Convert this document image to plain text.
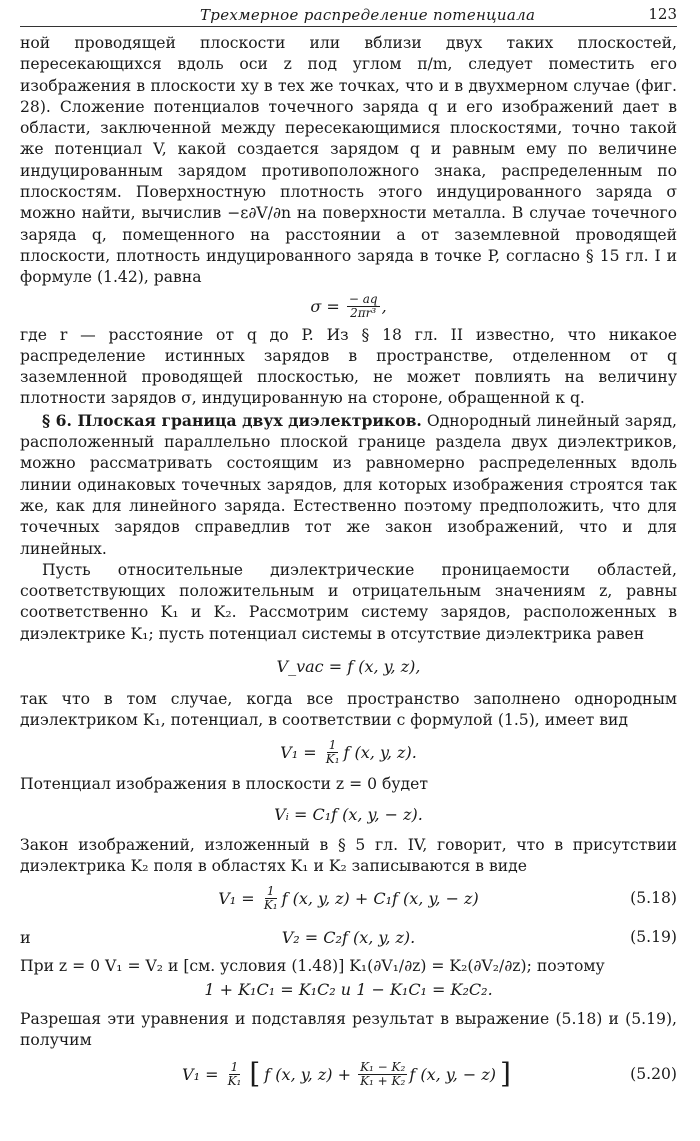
Трехмерное распределение потенциала	123

ной проводящей плоскости или вблизи двух таких плоскостей, пересекающихся вдоль оси z под углом π/m, следует поместить его изображения в плоскости xy в тех же точках, что и в двухмерном случае (фиг. 28). Сложение потенциалов точечного заряда q и его изображений дает в области, заключенной между пересекающимися плоскостями, точно такой же потенциал V, какой создается зарядом q и равным ему по величине индуцированным зарядом противоположного знака, распределенным по плоскостям. Поверхностную плотность этого индуцированного заряда σ можно найти, вычислив −ε∂V/∂n на поверхности металла. В случае точечного заряда q, помещенного на расстоянии a от заземлевной проводящей плоскости, плотность индуцированного заряда в точке P, согласно § 15 гл. I и формуле (1.42), равна

σ =
$\frac{- aq}{\text{2πr³}}$ ,

где r — расстояние от q до P. Из § 18 гл. II известно, что никакое распределение истинных зарядов в пространстве, отделенном от q заземленной проводящей плоскостью, не может повлиять на величину плотности зарядов σ, индуцированную на стороне, обращенной к q.

§ 6. Плоская граница двух диэлектриков. Однородный линейный заряд, расположенный параллельно плоской границе раздела двух диэлектриков, можно рассматривать состоящим из равномерно распределенных вдоль линии одинаковых точечных зарядов, для которых изображения строятся так же, как для линейного заряда. Естественно поэтому предположить, что для точечных зарядов справедлив тот же закон изображений, что и для линейных.

Пусть относительные диэлектрические проницаемости областей, соответствующих положительным и отрицательным значениям z, равны соответственно K₁ и K₂. Рассмотрим систему зарядов, расположенных в диэлектрике K₁; пусть потенциал системы в отсутствие диэлектрика равен

V_vac = f (x, y, z),

так что в том случае, когда все пространство заполнено однородным диэлектриком K₁, потенциал, в соответствии с формулой (1.5), имеет вид

V₁ =
$\frac{1}{\text{K₁}}$ f (x, y, z).

Потенциал изображения в плоскости z = 0 будет

Vᵢ = C₁f (x, y, − z).

Закон изображений, изложенный в § 5 гл. IV, говорит, что в присутствии диэлектрика K₂ поля в областях K₁ и K₂ записываются в виде

V₁ =
$\frac{1}{\text{K₁}}$ f (x, y, z) + C₁f (x, y, − z)	(5.18)
и	V₂ = C₂f (x, y, z).	(5.19)

При z = 0 V₁ = V₂ и [см. условия (1.48)] K₁(∂V₁/∂z) = K₂(∂V₂/∂z); поэтому

1 + K₁C₁ = K₁C₂ и 1 − K₁C₁ = K₂C₂.

Разрешая эти уравнения и подставляя результат в выражение (5.18) и (5.19), получим

V₁ =
$\frac{1}{\text{K₁}}$ [ f (x, y, z) +
$\frac{\text{K₁ − K₂}}{\text{K₁ + K₂}}$ f (x, y, − z) ]	(5.20)
